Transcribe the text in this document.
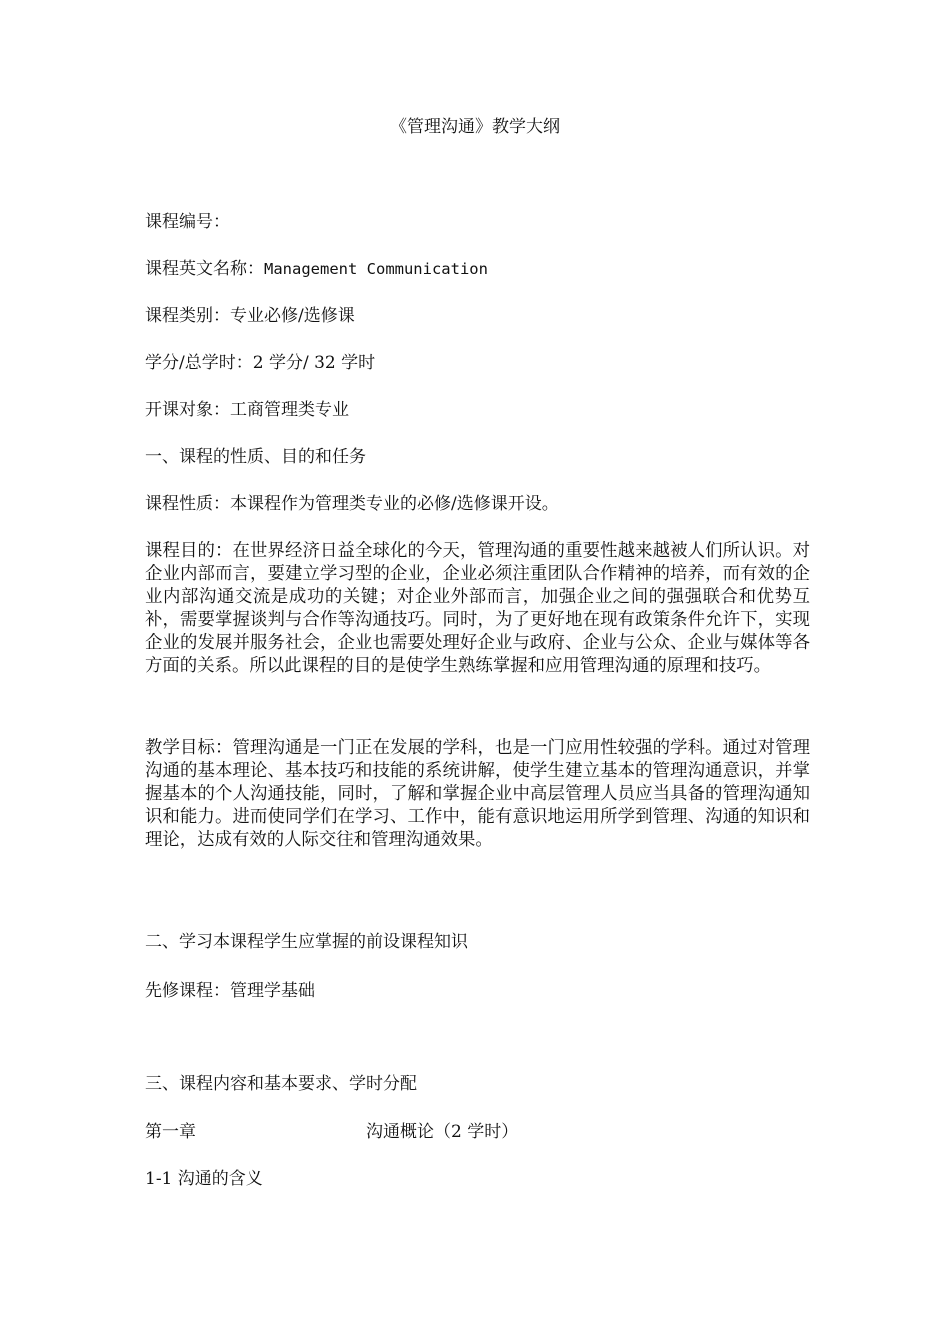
《管理沟通》教学大纲

课程编号：

课程英文名称：Management Communication

课程类别：专业必修/选修课

学分/总学时：2 学分/ 32 学时

开课对象：工商管理类专业

一、课程的性质、目的和任务

课程性质：本课程作为管理类专业的必修/选修课开设。

课程目的：在世界经济日益全球化的今天，管理沟通的重要性越来越被人们所认识。对企业内部而言，要建立学习型的企业，企业必须注重团队合作精神的培养，而有效的企业内部沟通交流是成功的关键；对企业外部而言，加强企业之间的强强联合和优势互补，需要掌握谈判与合作等沟通技巧。同时，为了更好地在现有政策条件允许下，实现企业的发展并服务社会，企业也需要处理好企业与政府、企业与公众、企业与媒体等各方面的关系。所以此课程的目的是使学生熟练掌握和应用管理沟通的原理和技巧。

教学目标：管理沟通是一门正在发展的学科，也是一门应用性较强的学科。通过对管理沟通的基本理论、基本技巧和技能的系统讲解，使学生建立基本的管理沟通意识，并掌握基本的个人沟通技能，同时，了解和掌握企业中高层管理人员应当具备的管理沟通知识和能力。进而使同学们在学习、工作中，能有意识地运用所学到管理、沟通的知识和理论，达成有效的人际交往和管理沟通效果。

二、学习本课程学生应掌握的前设课程知识

先修课程：管理学基础

三、课程内容和基本要求、学时分配

第一章	沟通概论（2 学时）

1-1 沟通的含义
